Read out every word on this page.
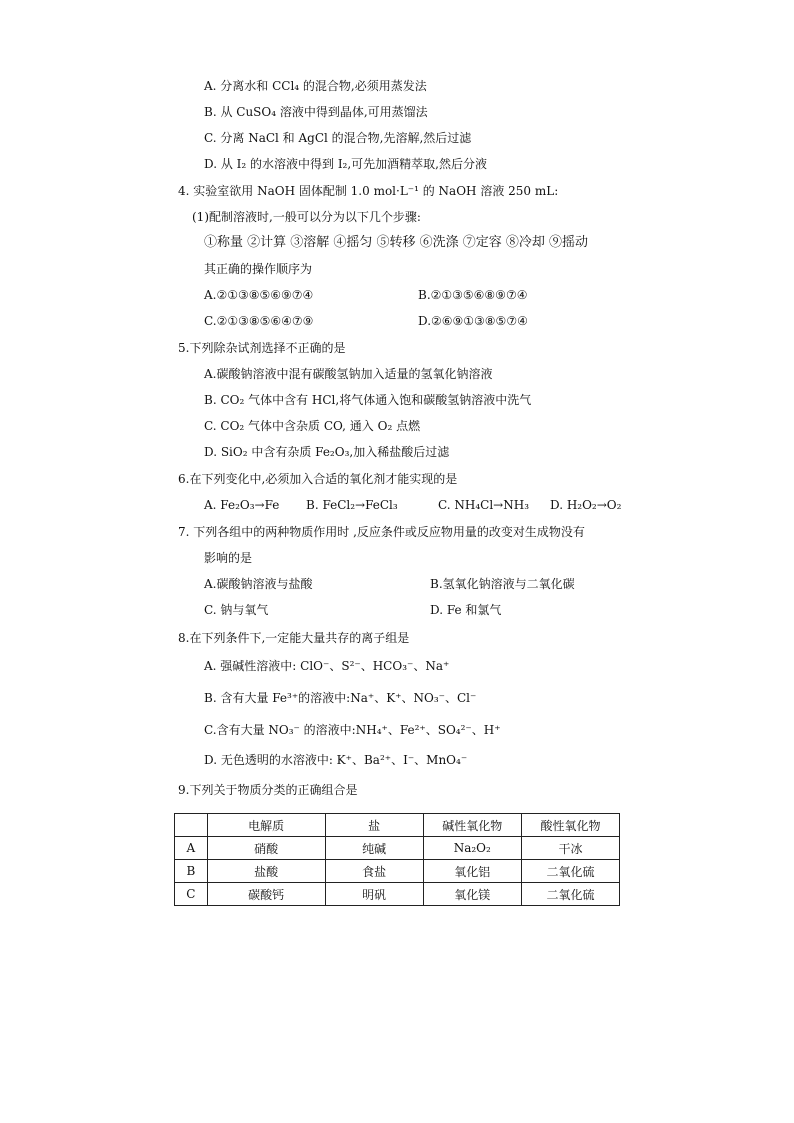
A. 分离水和 CCl₄ 的混合物,必须用蒸发法
B. 从 CuSO₄ 溶液中得到晶体,可用蒸馏法
C. 分离 NaCl 和 AgCl 的混合物,先溶解,然后过滤
D. 从 I₂ 的水溶液中得到 I₂,可先加酒精萃取,然后分液
4. 实验室欲用 NaOH 固体配制 1.0 mol·L⁻¹ 的 NaOH 溶液 250 mL:
(1)配制溶液时,一般可以分为以下几个步骤:
①称量 ②计算 ③溶解 ④摇匀 ⑤转移 ⑥洗涤 ⑦定容 ⑧冷却 ⑨摇动
其正确的操作顺序为
A.②①③⑧⑤⑥⑨⑦④	B.②①③⑤⑥⑧⑨⑦④
C.②①③⑧⑤⑥④⑦⑨	D.②⑥⑨①③⑧⑤⑦④
5.下列除杂试剂选择不正确的是
A.碳酸钠溶液中混有碳酸氢钠加入适量的氢氧化钠溶液
B. CO₂ 气体中含有 HCl,将气体通入饱和碳酸氢钠溶液中洗气
C. CO₂ 气体中含杂质 CO, 通入 O₂ 点燃
D. SiO₂ 中含有杂质 Fe₂O₃,加入稀盐酸后过滤
6.在下列变化中,必须加入合适的氧化剂才能实现的是
A. Fe₂O₃→Fe B. FeCl₂→FeCl₃	C. NH₄Cl→NH₃ D. H₂O₂→O₂
7. 下列各组中的两种物质作用时 ,反应条件或反应物用量的改变对生成物没有
影响的是
A.碳酸钠溶液与盐酸	B.氢氧化钠溶液与二氧化碳
C. 钠与氧气	D. Fe 和氯气
8.在下列条件下,一定能大量共存的离子组是
A. 强碱性溶液中: ClO⁻、S²⁻、HCO₃⁻、Na⁺
B. 含有大量 Fe³⁺的溶液中:Na⁺、K⁺、NO₃⁻、Cl⁻
C.含有大量 NO₃⁻ 的溶液中:NH₄⁺、Fe²⁺、SO₄²⁻、H⁺
D. 无色透明的水溶液中: K⁺、Ba²⁺、I⁻、MnO₄⁻
9.下列关于物质分类的正确组合是
	电解质	盐	碱性氧化物	酸性氧化物
A	硝酸	纯碱	Na₂O₂	干冰
B	盐酸	食盐	氧化铝	二氧化硫
C	碳酸钙	明矾	氧化镁	二氧化硫
